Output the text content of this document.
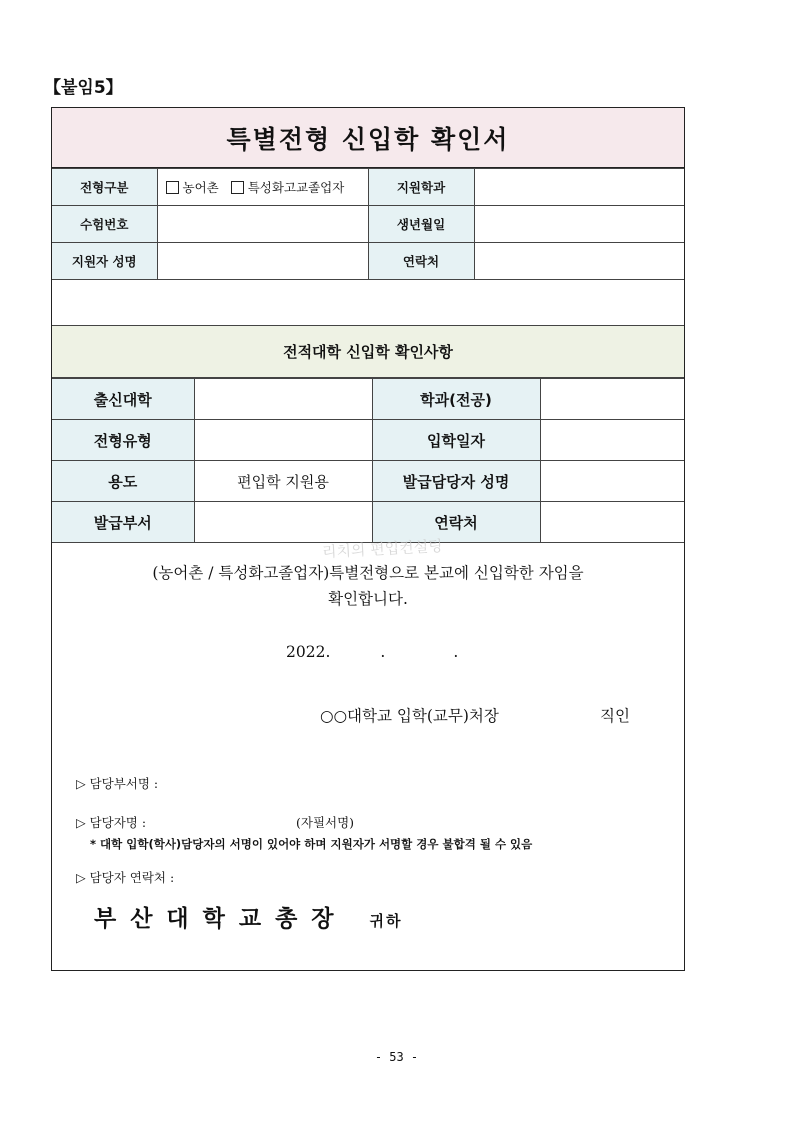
【붙임5】
특별전형 신입학 확인서
전형구분	농어촌 특성화고교졸업자	지원학과	
수험번호		생년월일	
지원자 성명		연락처	
전적대학 신입학 확인사항
출신대학		학과(전공)	
전형유형		입학일자	
용도	편입학 지원용	발급담당자 성명	
발급부서		연락처	
리치의 편입컨설팅
(농어촌 / 특성화고졸업자)특별전형으로 본교에 신입학한 자임을
확인합니다.
2022.	.	.
○○대학교 입학(교무)처장	직인
▷ 담당부서명 :
▷ 담당자명 :	(자필서명)
* 대학 입학(학사)담당자의 서명이 있어야 하며 지원자가 서명할 경우 불합격 될 수 있음
▷ 담당자 연락처 :
부산대학교총장 귀하
- 53 -
